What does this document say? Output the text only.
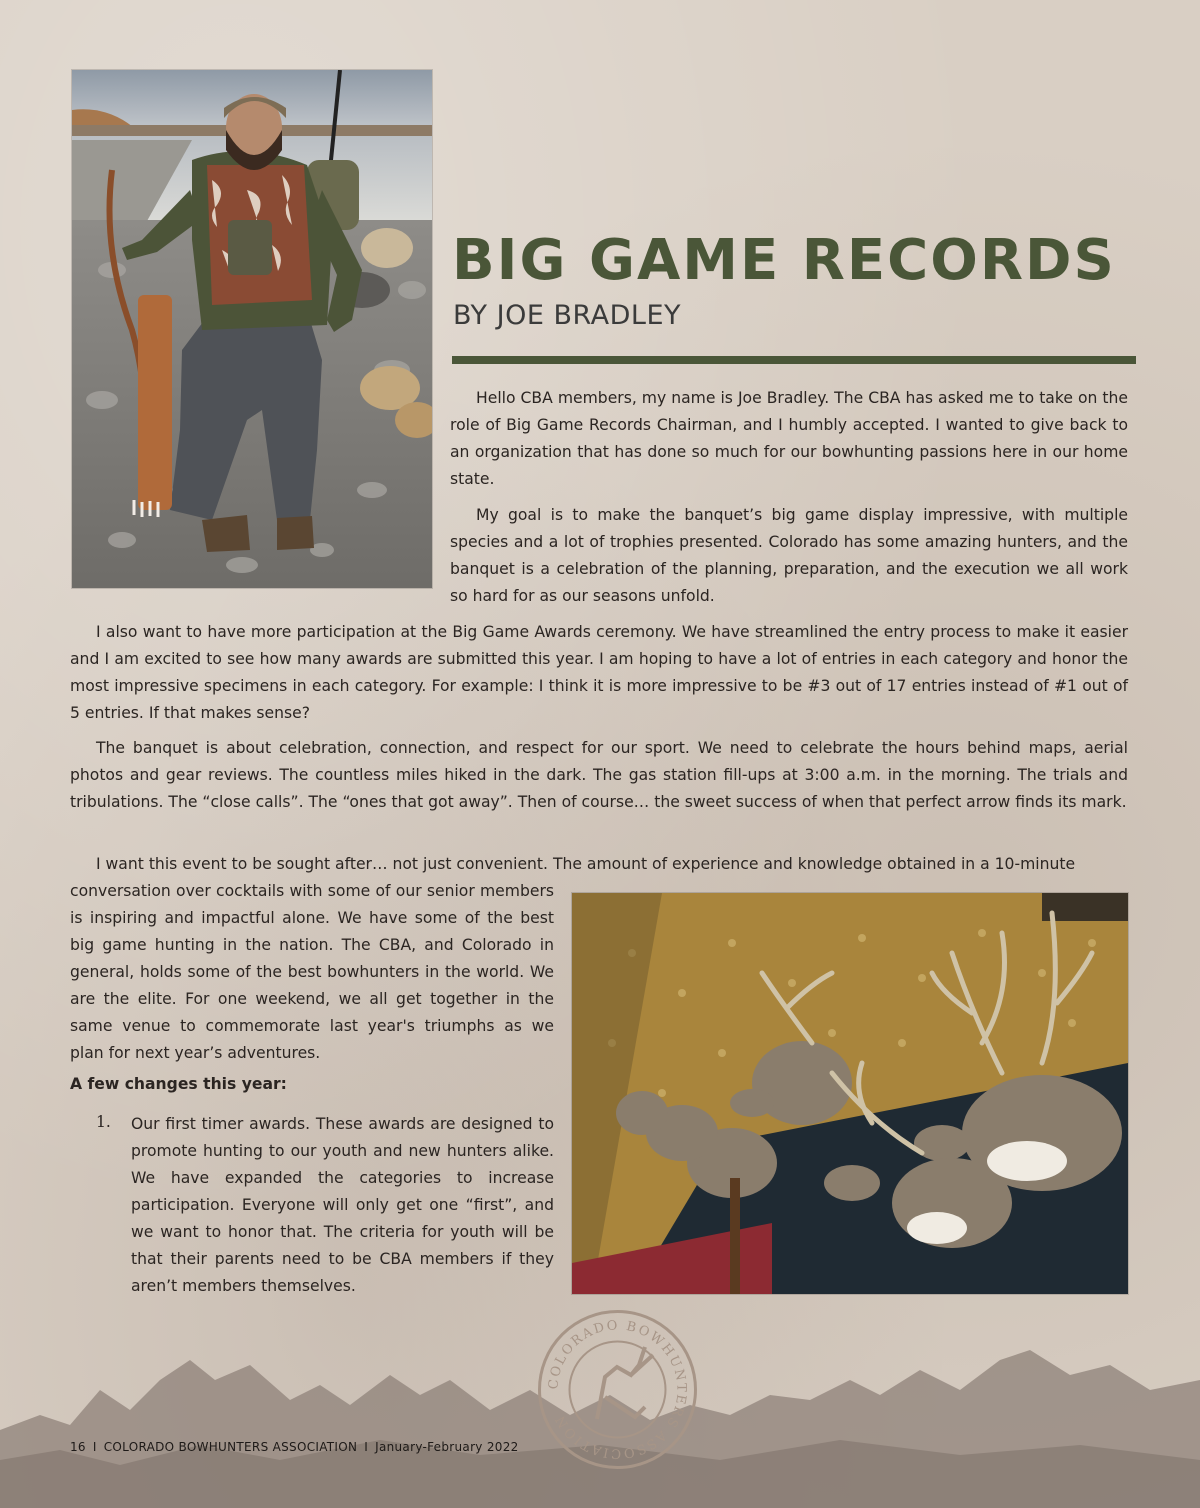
BIG GAME RECORDS
BY JOE BRADLEY

Hello CBA members, my name is Joe Bradley. The CBA has asked me to take on the role of Big Game Records Chairman, and I humbly accepted. I wanted to give back to an organization that has done so much for our bowhunting passions here in our home state.

My goal is to make the banquet’s big game display impressive, with multiple species and a lot of trophies presented. Colorado has some amazing hunters, and the banquet is a celebration of the planning, preparation, and the execution we all work so hard for as our seasons unfold.

I also want to have more participation at the Big Game Awards ceremony. We have streamlined the entry process to make it easier and I am excited to see how many awards are submitted this year. I am hoping to have a lot of entries in each category and honor the most impressive specimens in each category. For example: I think it is more impressive to be #3 out of 17 entries instead of #1 out of 5 entries. If that makes sense?

The banquet is about celebration, connection, and respect for our sport. We need to celebrate the hours behind maps, aerial photos and gear reviews. The countless miles hiked in the dark. The gas station fill-ups at 3:00 a.m. in the morning. The trials and tribulations. The “close calls”. The “ones that got away”. Then of course… the sweet success of when that perfect arrow finds its mark.

I want this event to be sought after… not just convenient. The amount of experience and knowledge obtained in a 10-minute

conversation over cocktails with some of our senior members is inspiring and impactful alone. We have some of the best big game hunting in the nation. The CBA, and Colorado in general, holds some of the best bowhunters in the world. We are the elite. For one weekend, we all get together in the same venue to commemorate last year's triumphs as we plan for next year’s adventures.

A few changes this year:
1. Our first timer awards. These awards are designed to promote hunting to our youth and new hunters alike. We have expanded the categories to increase participation. Everyone will only get one “first”, and we want to honor that. The criteria for youth will be that their parents need to be CBA members if they aren’t members themselves.

COLORADO BOWHUNTERS ASSOCIATION
16 I COLORADO BOWHUNTERS ASSOCIATION I January-February 2022
